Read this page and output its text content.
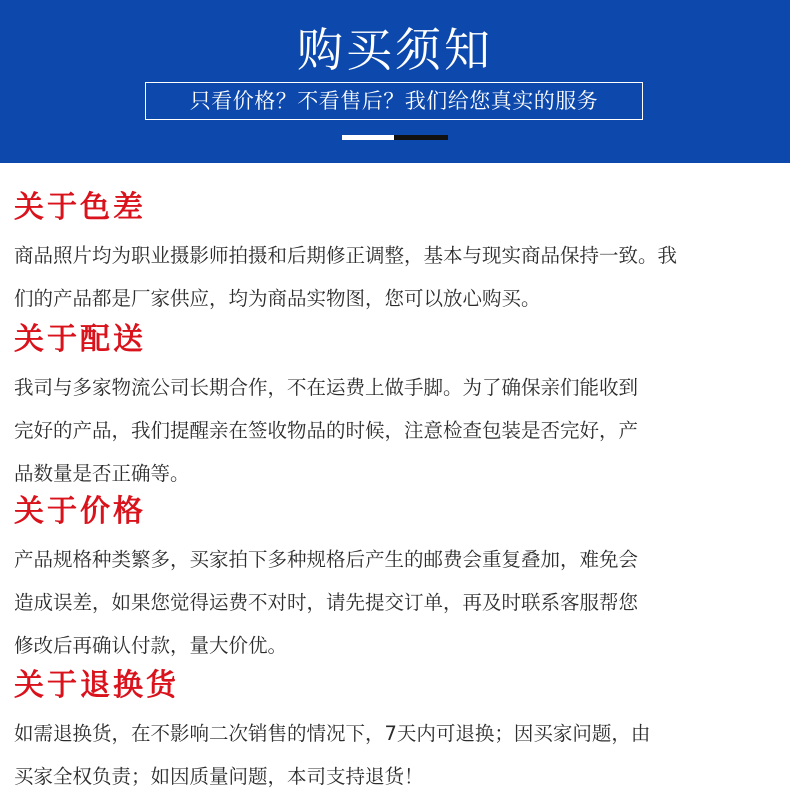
购买须知
只看价格？不看售后？我们给您真实的服务
关于色差
商品照片均为职业摄影师拍摄和后期修正调整，基本与现实商品保持一致。我
们的产品都是厂家供应，均为商品实物图，您可以放心购买。
关于配送
我司与多家物流公司长期合作，不在运费上做手脚。为了确保亲们能收到
完好的产品，我们提醒亲在签收物品的时候，注意检查包装是否完好，产
品数量是否正确等。
关于价格
产品规格种类繁多，买家拍下多种规格后产生的邮费会重复叠加，难免会
造成误差，如果您觉得运费不对时，请先提交订单，再及时联系客服帮您
修改后再确认付款，量大价优。
关于退换货
如需退换货，在不影响二次销售的情况下，7天内可退换；因买家问题，由
买家全权负责；如因质量问题，本司支持退货！
